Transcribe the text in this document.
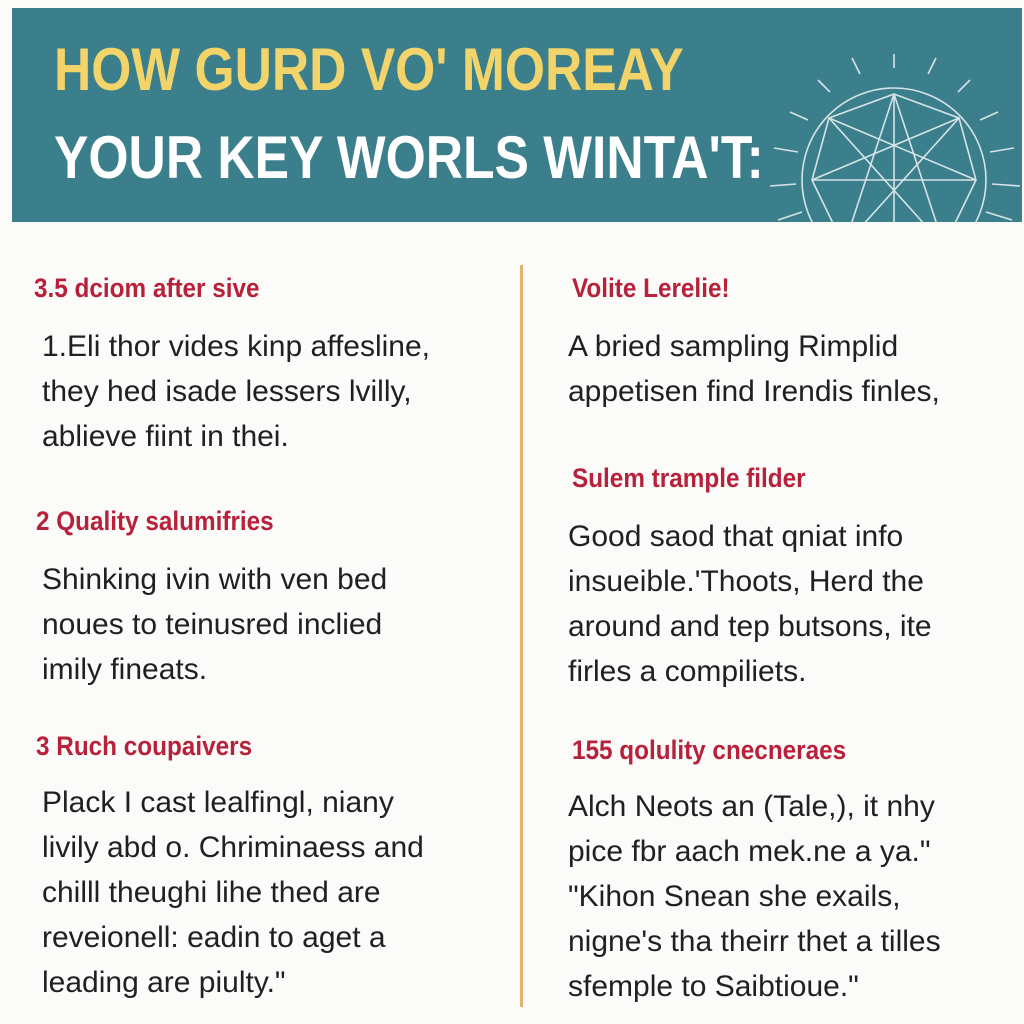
HOW GURD VO' MOREAY
YOUR KEY WORLS WINTA'T:
3.5 dciom after sive
1.Eli thor vides kinp affesline,
they hed isade lessers lvilly,
ablieve fiint in thei.
2 Quality salumifries
Shinking ivin with ven bed
noues to teinusred inclied
imily fineats.
3 Ruch coupaivers
Plack I cast lealfingl, niany
livily abd o. Chriminaess and
chilll theughi lihe thed are
reveionell: eadin to aget a
leading are piulty."
Volite Lerelie!
A bried sampling Rimplid
appetisen find Irendis finles,
Sulem trample filder
Good saod that qniat info
insueible.'Thoots, Herd the
around and tep butsons, ite
firles a compiliets.
155 qolulity cnecneraes
Alch Neots an (Tale,), it nhy
pice fbr aach mek.ne a ya."
"Kihon Snean she exails,
nigne's tha theirr thet a tilles
sfemple to Saibtioue."
